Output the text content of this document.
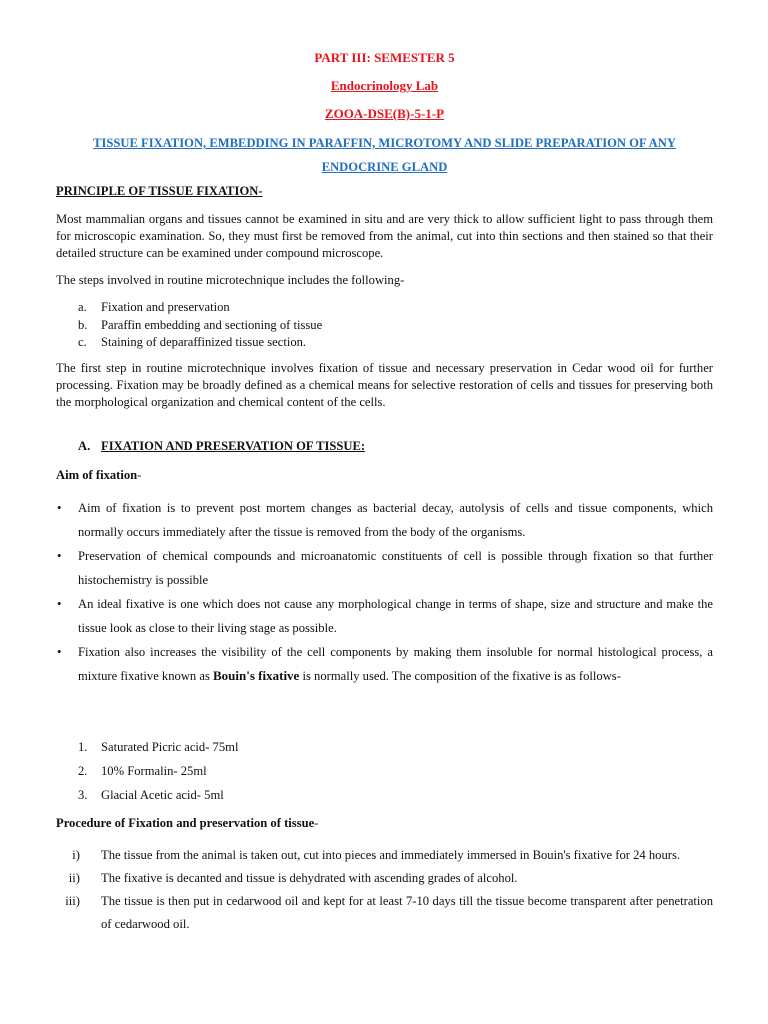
PART III: SEMESTER 5
Endocrinology Lab
ZOOA-DSE(B)-5-1-P
TISSUE FIXATION, EMBEDDING IN PARAFFIN, MICROTOMY AND SLIDE PREPARATION OF ANY
ENDOCRINE GLAND
PRINCIPLE OF TISSUE FIXATION-

Most mammalian organs and tissues cannot be examined in situ and are very thick to allow sufficient light to pass through them for microscopic examination. So, they must first be removed from the animal, cut into thin sections and then stained so that their detailed structure can be examined under compound microscope.

The steps involved in routine microtechnique includes the following-

a. Fixation and preservation
b. Paraffin embedding and sectioning of tissue
c. Staining of deparaffinized tissue section.

The first step in routine microtechnique involves fixation of tissue and necessary preservation in Cedar wood oil for further processing. Fixation may be broadly defined as a chemical means for selective restoration of cells and tissues for preserving both the morphological organization and chemical content of the cells.

A. FIXATION AND PRESERVATION OF TISSUE:
Aim of fixation-
• Aim of fixation is to prevent post mortem changes as bacterial decay, autolysis of cells and tissue components, which normally occurs immediately after the tissue is removed from the body of the organisms.
• Preservation of chemical compounds and microanatomic constituents of cell is possible through fixation so that further histochemistry is possible
• An ideal fixative is one which does not cause any morphological change in terms of shape, size and structure and make the tissue look as close to their living stage as possible.
• Fixation also increases the visibility of the cell components by making them insoluble for normal histological process, a mixture fixative known as Bouin's fixative is normally used. The composition of the fixative is as follows-
1. Saturated Picric acid- 75ml
2. 10% Formalin- 25ml
3. Glacial Acetic acid- 5ml
Procedure of Fixation and preservation of tissue-
i) The tissue from the animal is taken out, cut into pieces and immediately immersed in Bouin's fixative for 24 hours.
ii) The fixative is decanted and tissue is dehydrated with ascending grades of alcohol.
iii) The tissue is then put in cedarwood oil and kept for at least 7-10 days till the tissue become transparent after penetration of cedarwood oil.
